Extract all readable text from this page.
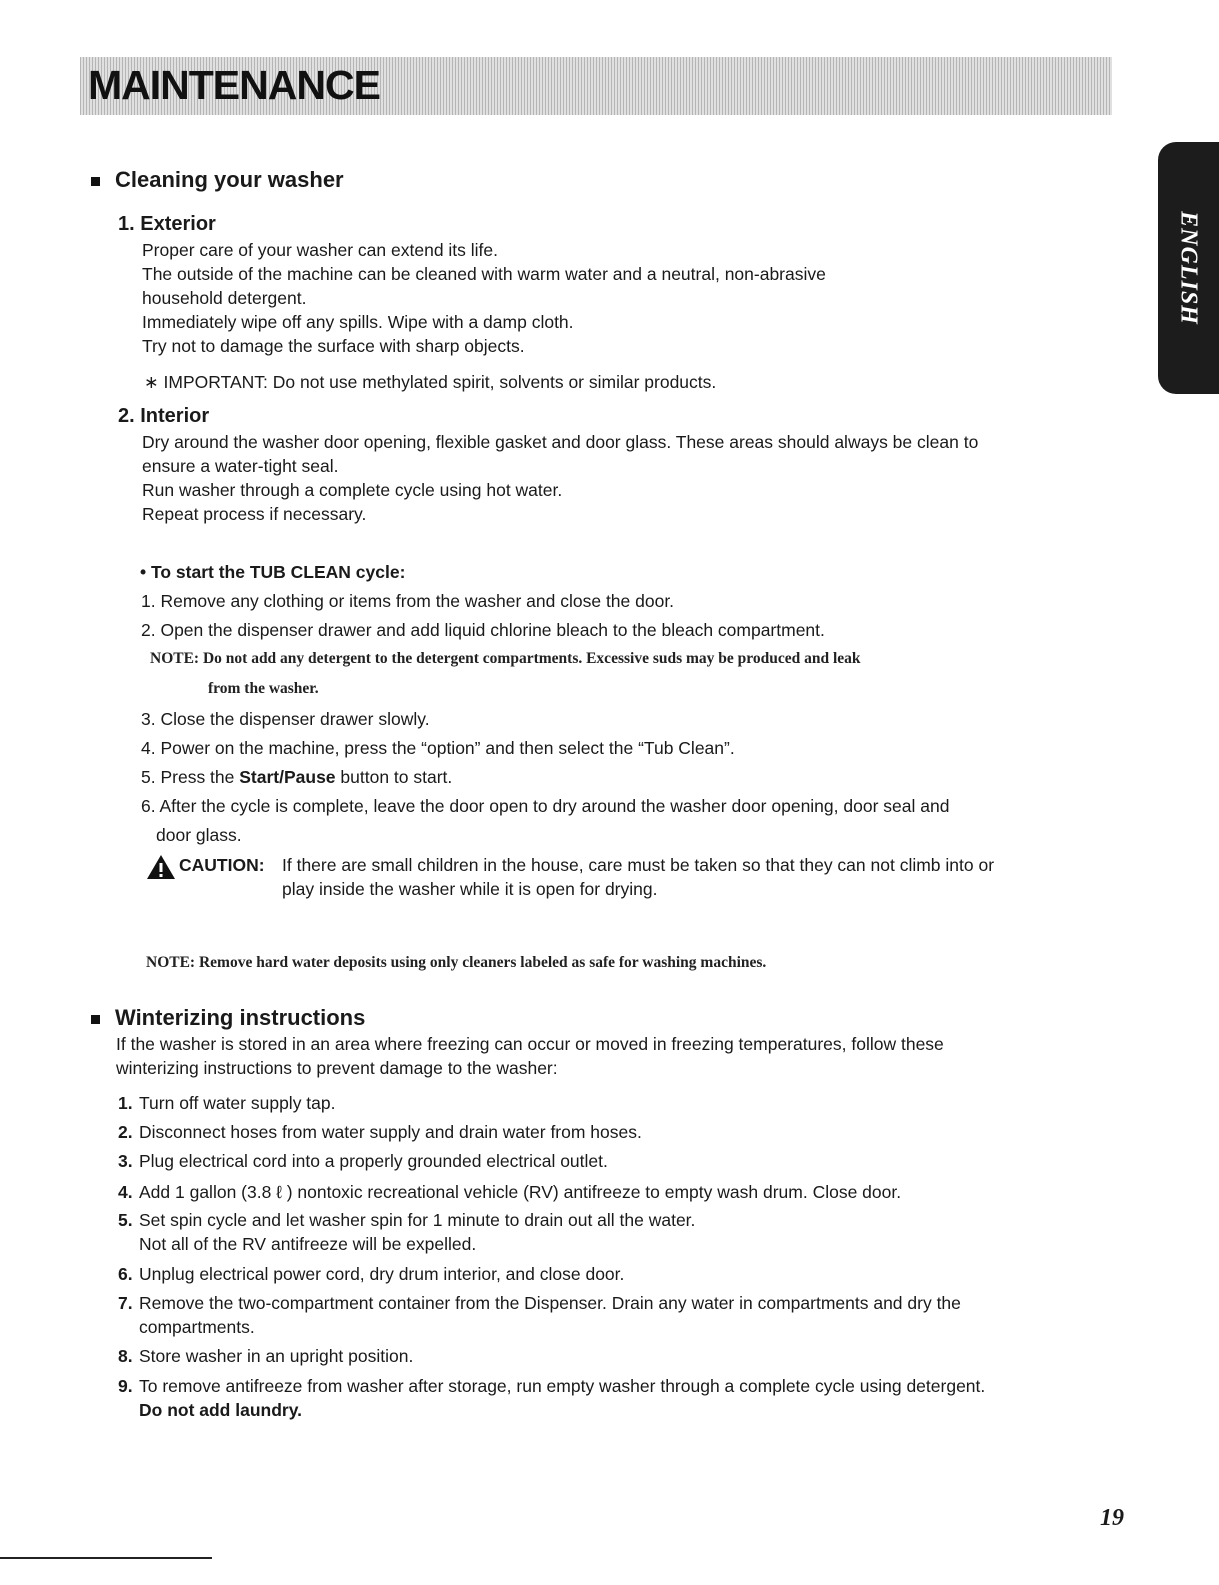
MAINTENANCE
ENGLISH
Cleaning your washer
1. Exterior
Proper care of your washer can extend its life.
The outside of the machine can be cleaned with warm water and a neutral, non-abrasive
household detergent.
Immediately wipe off any spills. Wipe with a damp cloth.
Try not to damage the surface with sharp objects.
∗ IMPORTANT: Do not use methylated spirit, solvents or similar products.
2. Interior
Dry around the washer door opening, flexible gasket and door glass. These areas should always be clean to
ensure a water-tight seal.
Run washer through a complete cycle using hot water.
Repeat process if necessary.
• To start the TUB CLEAN cycle:
1. Remove any clothing or items from the washer and close the door.
2. Open the dispenser drawer and add liquid chlorine bleach to the bleach compartment.
NOTE: Do not add any detergent to the detergent compartments. Excessive suds may be produced and leak
from the washer.
3. Close the dispenser drawer slowly.
4. Power on the machine, press the “option” and then select the “Tub Clean”.
5. Press the Start/Pause button to start.
6. After the cycle is complete, leave the door open to dry around the washer door opening, door seal and
door glass.
CAUTION: If there are small children in the house, care must be taken so that they can not climb into or
play inside the washer while it is open for drying.
NOTE: Remove hard water deposits using only cleaners labeled as safe for washing machines.
Winterizing instructions
If the washer is stored in an area where freezing can occur or moved in freezing temperatures, follow these
winterizing instructions to prevent damage to the washer:
1. Turn off water supply tap.
2. Disconnect hoses from water supply and drain water from hoses.
3. Plug electrical cord into a properly grounded electrical outlet.
4. Add 1 gallon (3.8 ℓ ) nontoxic recreational vehicle (RV) antifreeze to empty wash drum. Close door.
5. Set spin cycle and let washer spin for 1 minute to drain out all the water.
Not all of the RV antifreeze will be expelled.
6. Unplug electrical power cord, dry drum interior, and close door.
7. Remove the two-compartment container from the Dispenser. Drain any water in compartments and dry the
compartments.
8. Store washer in an upright position.
9. To remove antifreeze from washer after storage, run empty washer through a complete cycle using detergent.
Do not add laundry.
19
